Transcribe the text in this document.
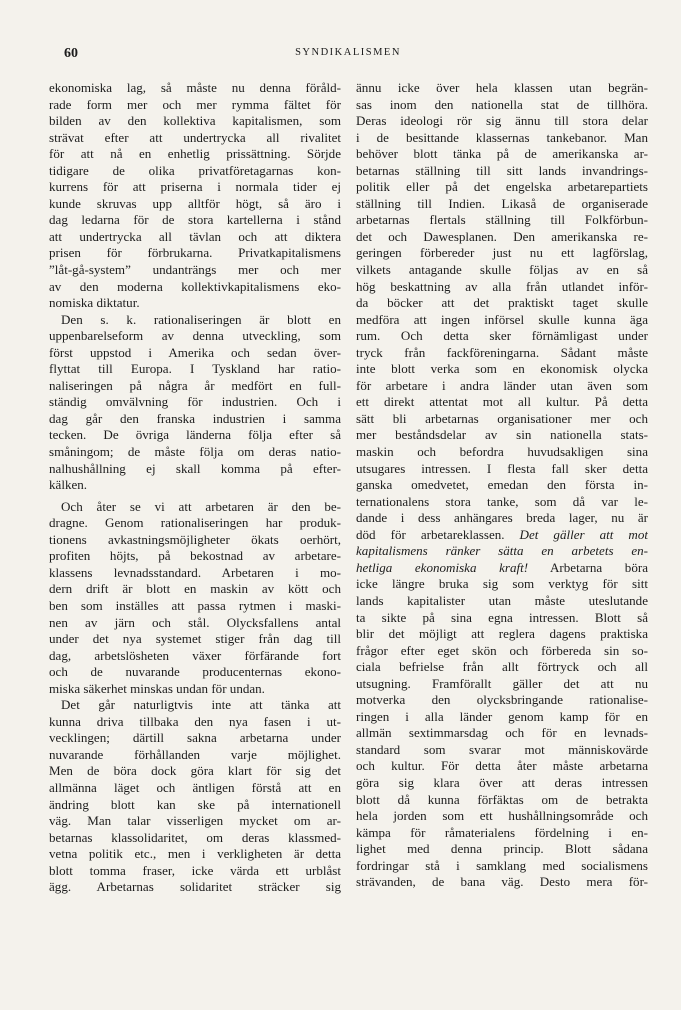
60	SYNDIKALISMEN
ekonomiska lag, så måste nu denna föråld-
rade form mer och mer rymma fältet för
bilden av den kollektiva kapitalismen, som
strävat efter att undertrycka all rivalitet
för att nå en enhetlig prissättning. Sörjde
tidigare de olika privatföretagarnas kon-
kurrens för att priserna i normala tider ej
kunde skruvas upp alltför högt, så äro i
dag ledarna för de stora kartellerna i stånd
att undertrycka all tävlan och att diktera
prisen för förbrukarna. Privatkapitalismens
”låt-gå-system” undanträngs mer och mer
av den moderna kollektivkapitalismens eko-
nomiska diktatur.
Den s. k. rationaliseringen är blott en
uppenbarelseform av denna utveckling, som
först uppstod i Amerika och sedan över-
flyttat till Europa. I Tyskland har ratio-
naliseringen på några år medfört en full-
ständig omvälvning för industrien. Och i
dag går den franska industrien i samma
tecken. De övriga länderna följa efter så
småningom; de måste följa om deras natio-
nalhushållning ej skall komma på efter-
kälken.
Och åter se vi att arbetaren är den be-
dragne. Genom rationaliseringen har produk-
tionens avkastningsmöjligheter ökats oerhört,
profiten höjts, på bekostnad av arbetare-
klassens levnadsstandard. Arbetaren i mo-
dern drift är blott en maskin av kött och
ben som inställes att passa rytmen i maski-
nen av järn och stål. Olycksfallens antal
under det nya systemet stiger från dag till
dag, arbetslösheten växer förfärande fort
och de nuvarande producenternas ekono-
miska säkerhet minskas undan för undan.
Det går naturligtvis inte att tänka att
kunna driva tillbaka den nya fasen i ut-
vecklingen; därtill sakna arbetarna under
nuvarande förhållanden varje möjlighet.
Men de böra dock göra klart för sig det
allmänna läget och äntligen förstå att en
ändring blott kan ske på internationell
väg. Man talar visserligen mycket om ar-
betarnas klassolidaritet, om deras klassmed-
vetna politik etc., men i verkligheten är detta
blott tomma fraser, icke värda ett urblåst
ägg. Arbetarnas solidaritet sträcker sig
ännu icke över hela klassen utan begrän-
sas inom den nationella stat de tillhöra.
Deras ideologi rör sig ännu till stora delar
i de besittande klassernas tankebanor. Man
behöver blott tänka på de amerikanska ar-
betarnas ställning till sitt lands invandrings-
politik eller på det engelska arbetarepartiets
ställning till Indien. Likaså de organiserade
arbetarnas flertals ställning till Folkförbun-
det och Dawesplanen. Den amerikanska re-
geringen förbereder just nu ett lagförslag,
vilkets antagande skulle följas av en så
hög beskattning av alla från utlandet inför-
da böcker att det praktiskt taget skulle
medföra att ingen införsel skulle kunna äga
rum. Och detta sker förnämligast under
tryck från fackföreningarna. Sådant måste
inte blott verka som en ekonomisk olycka
för arbetare i andra länder utan även som
ett direkt attentat mot all kultur. På detta
sätt bli arbetarnas organisationer mer och
mer beståndsdelar av sin nationella stats-
maskin och befordra huvudsakligen sina
utsugares intressen. I flesta fall sker detta
ganska omedvetet, emedan den första in-
ternationalens stora tanke, som då var le-
dande i dess anhängares breda lager, nu är
död för arbetareklassen. Det gäller att mot
kapitalismens ränker sätta en arbetets en-
hetliga ekonomiska kraft! Arbetarna böra
icke längre bruka sig som verktyg för sitt
lands kapitalister utan måste uteslutande
ta sikte på sina egna intressen. Blott så
blir det möjligt att reglera dagens praktiska
frågor efter eget skön och förbereda sin so-
ciala befrielse från allt förtryck och all
utsugning. Framförallt gäller det att nu
motverka den olycksbringande rationalise-
ringen i alla länder genom kamp för en
allmän sextimmarsdag och för en levnads-
standard som svarar mot människovärde
och kultur. För detta åter måste arbetarna
göra sig klara över att deras intressen
blott då kunna förfäktas om de betrakta
hela jorden som ett hushållningsområde och
kämpa för råmaterialens fördelning i en-
lighet med denna princip. Blott sådana
fordringar stå i samklang med socialismens
strävanden, de bana väg. Desto mera för-
